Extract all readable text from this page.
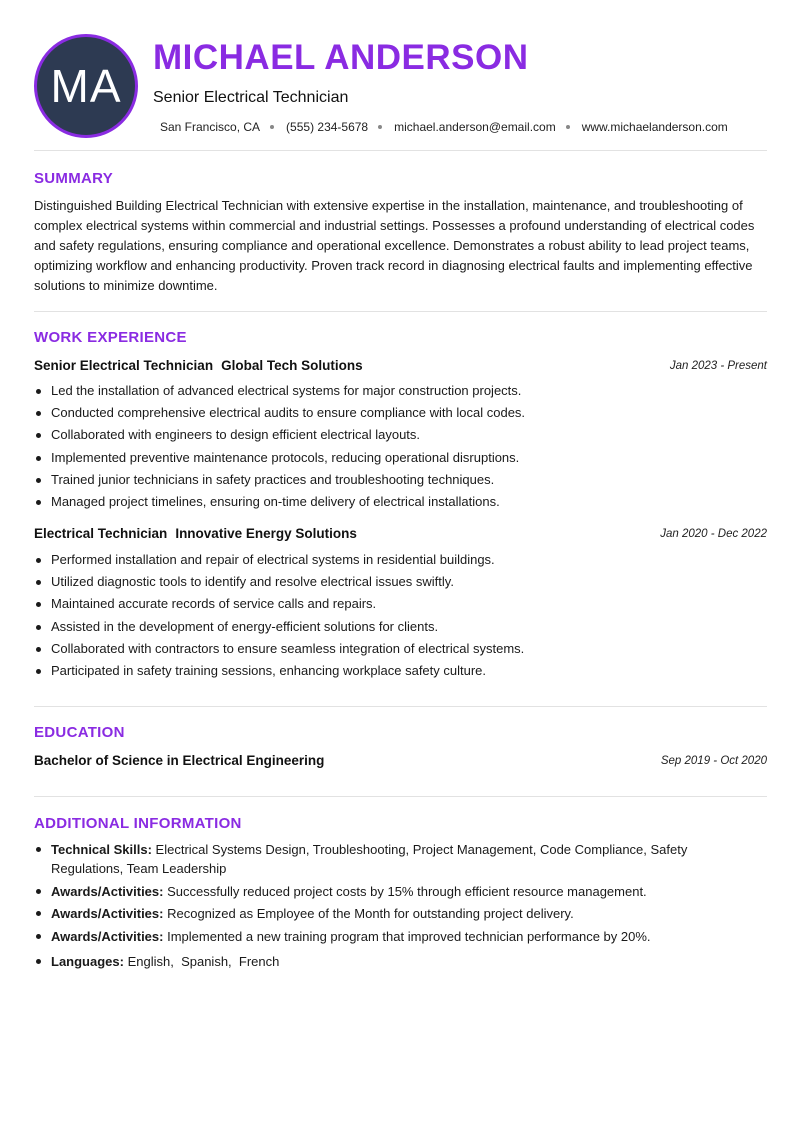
MA
MICHAEL ANDERSON
Senior Electrical Technician
San Francisco, CA (555) 234-5678 michael.anderson@email.com www.michaelanderson.com
SUMMARY
Distinguished Building Electrical Technician with extensive expertise in the installation, maintenance, and troubleshooting of complex electrical systems within commercial and industrial settings. Possesses a profound understanding of electrical codes and safety regulations, ensuring compliance and operational excellence. Demonstrates a robust ability to lead project teams, optimizing workflow and enhancing productivity. Proven track record in diagnosing electrical faults and implementing effective solutions to minimize downtime.
WORK EXPERIENCE
Senior Electrical Technician Global Tech Solutions	Jan 2023 - Present
Led the installation of advanced electrical systems for major construction projects.
Conducted comprehensive electrical audits to ensure compliance with local codes.
Collaborated with engineers to design efficient electrical layouts.
Implemented preventive maintenance protocols, reducing operational disruptions.
Trained junior technicians in safety practices and troubleshooting techniques.
Managed project timelines, ensuring on-time delivery of electrical installations.
Electrical Technician Innovative Energy Solutions	Jan 2020 - Dec 2022
Performed installation and repair of electrical systems in residential buildings.
Utilized diagnostic tools to identify and resolve electrical issues swiftly.
Maintained accurate records of service calls and repairs.
Assisted in the development of energy-efficient solutions for clients.
Collaborated with contractors to ensure seamless integration of electrical systems.
Participated in safety training sessions, enhancing workplace safety culture.
EDUCATION
Bachelor of Science in Electrical Engineering	Sep 2019 - Oct 2020
ADDITIONAL INFORMATION
Technical Skills: Electrical Systems Design, Troubleshooting, Project Management, Code Compliance, Safety Regulations, Team Leadership
Awards/Activities: Successfully reduced project costs by 15% through efficient resource management.
Awards/Activities: Recognized as Employee of the Month for outstanding project delivery.
Awards/Activities: Implemented a new training program that improved technician performance by 20%.
Languages: English,  Spanish,  French
